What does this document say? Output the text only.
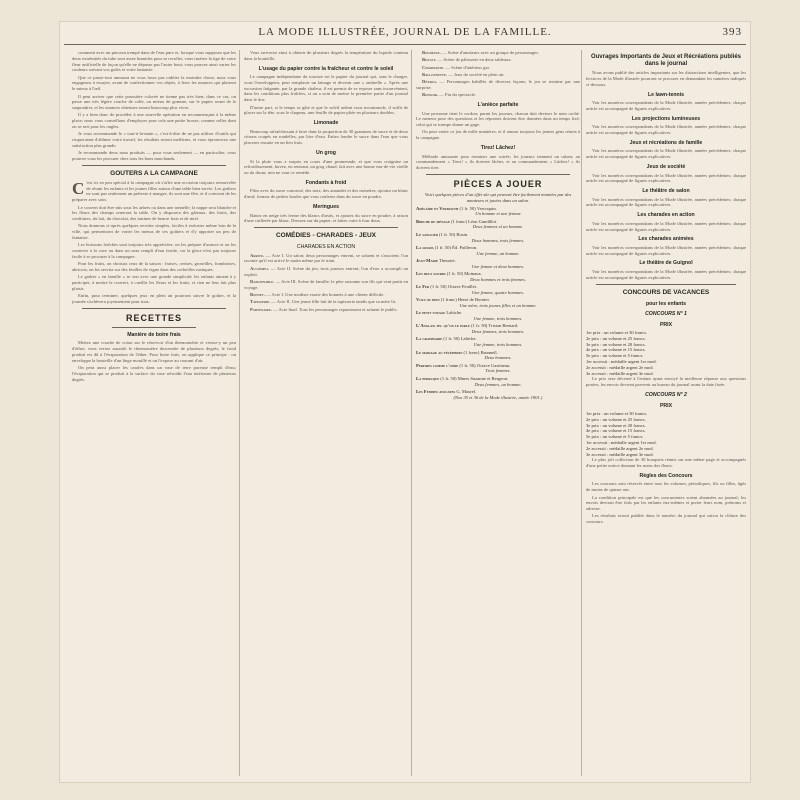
LA MODE ILLUSTRÉE, JOURNAL DE LA FAMILLE.	393

comment avec un pinceau trempé dans de l'eau pure et, lorsque vous supposez que les deux extrémités du tube sont assez humides pour se recoller, vous insérez la tige de votre fleur artificielle de façon qu'elle ne dépasse pas l'autre bout; vous pouvez ainsi varier les couleurs suivant vos goûts et votre fantaisie.

Que ce passe-tout amusant ne vous fasse pas oublier la moindre chose; nous vous engageons à essayer, avant de confectionner vos objets, à fixer les nuances qui plaisent le mieux à l'œil.

Il peut arriver que cette poussière colorée ne tienne pas très bien; dans ce cas, on passe une très légère couche de colle, ou mieux de gomme, sur le papier avant de le saupoudrer, et les nuances obtenues seront beaucoup plus vives.

Il y a bien donc de procéder à une nouvelle opération en recommençant à la même place; nous vous conseillons d'employer pour cela une petite brosse, comme celles dont on se sert pour les ongles.

Je vous recommande le « tout-à-la-main », c'est-à-dire de ne pas utiliser d'outils qui risqueraient d'abîmer votre travail; les résultats seront meilleurs, et vous éprouverez une satisfaction plus grande.

Je recommande deux nous produits — pour vous seulement — en particulier, vous pourrez vous les procurer chez tous les bons marchands.

GOUTERS A LA CAMPAGNE

C 'est ici en peu spécial à la campagne où s'offre une occasion toujours renouvelée de réunir les enfants et les jeunes filles autour d'une table bien servie. Les goûters ne sont pas seulement un prétexte à manger; ils sont une fête, et il convient de les préparer avec soin.

Le couvert doit être mis sous les arbres ou dans une tonnelle; la nappe sera blanche et les fleurs des champs orneront la table. On y disposera des gâteaux, des fruits, des confitures, du lait, du chocolat, des tartines de beurre frais et de miel.

Nous donnons ci-après quelques recettes simples, faciles à exécuter même loin de la ville, qui permettront de varier les menus de ces goûters et d'y apporter un peu de fantaisie.

Les boissons fraîches sont toujours très appréciées; on les prépare d'avance et on les conserve à la cave ou dans un seau rempli d'eau froide, car la glace n'est pas toujours facile à se procurer à la campagne.

Pour les fruits, on choisira ceux de la saison : fraises, cerises, groseilles, framboises, abricots; on les servira sur des feuilles de vigne dans des corbeilles rustiques.

Le goûter « en famille » se sert avec une grande simplicité; les enfants aiment à y participer, à mettre le couvert, à cueillir les fleurs et les fruits, et rien ne leur fait plus plaisir.

Enfin, pour terminer, quelques jeux en plein air pourront suivre le goûter, et la journée s'achèvera joyeusement pour tous.

RECETTES
Manière de boire frais

Mettez une couche de coton sur le réservoir d'un thermomètre et versez-y un peu d'éther; vous verrez aussitôt le thermomètre descendre de plusieurs degrés; le froid produit est dû à l'évaporation de l'éther. Pour boire frais, on applique ce principe : on enveloppe la bouteille d'un linge mouillé et on l'expose au courant d'air.

On peut aussi placer les carafes dans un vase de terre poreuse rempli d'eau; l'évaporation qui se produit à la surface du vase refroidit l'eau intérieure de plusieurs degrés.

Vous arriverez ainsi à obtenir de plusieurs degrés la température du liquide contenu dans la bouteille.

L'usage du papier contre la fraîcheur et contre le soleil

Le campagne indépendante du touriste est le papier du journal qui, sans le charger, vous l'enveloppera, peut remplacer un lainage et devenir une « ombrelle ». Après une excursion fatigante, par la grande chaleur, il est permis de se reposer sans inconvénient, dans les conditions plus fraîches, si on a soin de mettre la première partie d'un journal dans le dos.

D'autre part, si le temps se gâte et que le soleil ardent vous incommode, il suffit de placer sur la tête, sous le chapeau, une feuille de papier pliée en plusieurs doubles.

Limonade

Beaucoup rafraîchissant à faire dans la proportion de 30 grammes de sucre et de deux citrons coupés en rondelles, par litre d'eau. Faites fondre le sucre dans l'eau que vous placerez ensuite en un lieu frais.

Un grog

Si la pluie vous a surpris en cours d'une promenade, et que vous craigniez un refroidissement, buvez, en rentrant, un grog chaud, fait avec une bonne eau-de-vie vieille ou du rhum; rien ne vaut ce remède.

Fondants à froid

Pilez avec du sucre concassé, des noix, des amandes et des noisettes; ajoutez un blanc d'œuf; formez de petites boules que vous roulerez dans du sucre en poudre.

Meringues

Battez en neige très ferme des blancs d'œufs, et ajoutez du sucre en poudre, à raison d'une cuillerée par blanc. Dressez sur du papier, et faites cuire à four doux.

COMÉDIES - CHARADES - JEUX
CHARADES EN ACTION

Arrive. — Acte I. Un salon; deux personnages entrent, se saluent et s'assoient; l'un raconte qu'il est arrivé le matin même par le train.

Accompli. — Acte II. Scène du jeu; trois joueurs entrent; l'un d'eux a accompli un exploit.

Raisonnable. — Acte III. Scène de famille; le père raisonne son fils qui veut partir en voyage.

Bonnet. — Acte I. Une modiste essaie des bonnets à une cliente difficile.

Tapisserie. — Acte II. Une jeune fille fait de la tapisserie tandis que sa mère lit.

Partenaire. — Acte final. Tous les personnages reparaissent et saluent le public.

Boudeuse. — Scène d'amateurs avec un groupe de personnages.

Biscuit. — Scène de pâtisserie en deux tableaux.

Charmante. — Scène d'intérieur gai.

Ballonnette. — Jeux de société en plein air.

Détails. — Personnages habillés de diverses façons; le jeu se termine par une surprise.

Bonsoir. — Fin du spectacle.

L'anièce parfaite

Une personne tient le cordon; parmi les joueurs, chacun doit deviner le nom caché. Le meneur pose des questions et les réponses doivent être données dans un temps fixé; celui qui se trompe donne un gage.

On peut varier ce jeu de mille manières, et il amuse toujours les jeunes gens réunis à la campagne.

Tirez! Lâchez!

Méthode amusante pour terminer une soirée; les joueurs tiennent un ruban; au commandement « Tirez! » ils doivent lâcher, et au commandement « Lâchez! » ils doivent tirer.

PIÈCES A JOUER

Voici quelques pièces d'un effet sûr qui peuvent être facilement montées par des amateurs et jouées dans un salon.

Adélaïde et Vermouth (1 fr. 50) Vercoquin.
Un homme et une femme
Bibiche de ménage (1 franc) Léon Gandillot.
Deux femmes et un homme.
Le sanglier (1 fr. 50) Bosin.
Deux hommes, trois femmes.
La souris (1 fr. 50) Éd. Pailleron.
Une femme, un homme.
Jean-Marie Theuriet.
Une femme et deux hommes.
Les deux sourds (1 fr. 50) Moinaux.
Deux hommes et trois femmes.
Le Fer (1 fr. 50) Octave Feuillet.
Une femme, quatre hommes.
Vous ou bien (1 franc) Henri de Bornier.
Une mère, trois jeunes filles et un homme.
Le petit voyage Labiche.
Une femme, trois hommes.
L'Anglais tel qu'on le parle (1 fr. 50) Tristan Bernard.
Deux femmes, trois hommes.
La grammaire (1 fr. 50) Labiche.
Une femme, trois hommes.
Le mariage au téléphone (1 franc) Brunnell.
Deux hommes.
Perfides comme l'onde (1 fr. 50) Octave Gastineau.
Trois femmes.
La perruque (1 fr. 50) Mmes Suzanne et Bergerat.
Deux femmes, un homme.
Les Femmes avocates G. Maurel.
(Nos 35 et 36 de la Mode illustrée, année 1901.)
Ouvrages Importants de Jeux et Récréations publiés dans le journal

Nous avons publié des articles importants sur les distractions intelligentes, que les lectrices de la Mode illustrée pourront se procurer en demandant les numéros indiqués ci-dessous.

Le lawn-tennis

Voir les numéros correspondants de la Mode illustrée, années précédentes; chaque article est accompagné de figures explicatives.

Les projections lumineuses

Voir les numéros correspondants de la Mode illustrée, années précédentes; chaque article est accompagné de figures explicatives.

Jeux et récréations de famille

Voir les numéros correspondants de la Mode illustrée, années précédentes; chaque article est accompagné de figures explicatives.

Jeux de société

Voir les numéros correspondants de la Mode illustrée, années précédentes; chaque article est accompagné de figures explicatives.

Le théâtre de salon

Voir les numéros correspondants de la Mode illustrée, années précédentes; chaque article est accompagné de figures explicatives.

Les charades en action

Voir les numéros correspondants de la Mode illustrée, années précédentes; chaque article est accompagné de figures explicatives.

Les charades animées

Voir les numéros correspondants de la Mode illustrée, années précédentes; chaque article est accompagné de figures explicatives.

Le théâtre de Guignol

Voir les numéros correspondants de la Mode illustrée, années précédentes; chaque article est accompagné de figures explicatives.

CONCOURS DE VACANCES
pour les enfants
CONCOURS N° 1
PRIX
1er prix : un volume et 30 francs.
2e prix : un volume et 25 francs.
3e prix : un volume et 20 francs.
4e prix : un volume et 15 francs.
5e prix : un volume et 5 francs.
1er accessit : médaille argent 1er mod.
2e accessit : médaille argent 2e mod.
3e accessit : médaille argent 3e mod.

Le prix sera décerné à l'enfant ayant envoyé la meilleure réponse aux questions posées; les envois devront parvenir au bureau du journal avant la date fixée.

CONCOURS N° 2
PRIX
1er prix : un volume et 30 francs.
2e prix : un volume et 25 francs.
3e prix : un volume et 20 francs.
4e prix : un volume et 15 francs.
5e prix : un volume et 5 francs.
1er accessit : médaille argent 1er mod.
2e accessit : médaille argent 2e mod.
3e accessit : médaille argent 3e mod.

Le plus joli collection de 30 bouquets réunis sur une même page et accompagnés d'une petite notice donnant les noms des fleurs.

Règles des Concours

Les concours sont réservés entre tous les volumes, périodiques, fils ou filles, âgés de moins de quinze ans.

La condition principale est que les concurrentes soient abonnées au journal; les envois devront être faits par les enfants eux-mêmes et porter leurs nom, prénoms et adresse.

Les résultats seront publiés dans le numéro du journal qui suivra la clôture des concours.
